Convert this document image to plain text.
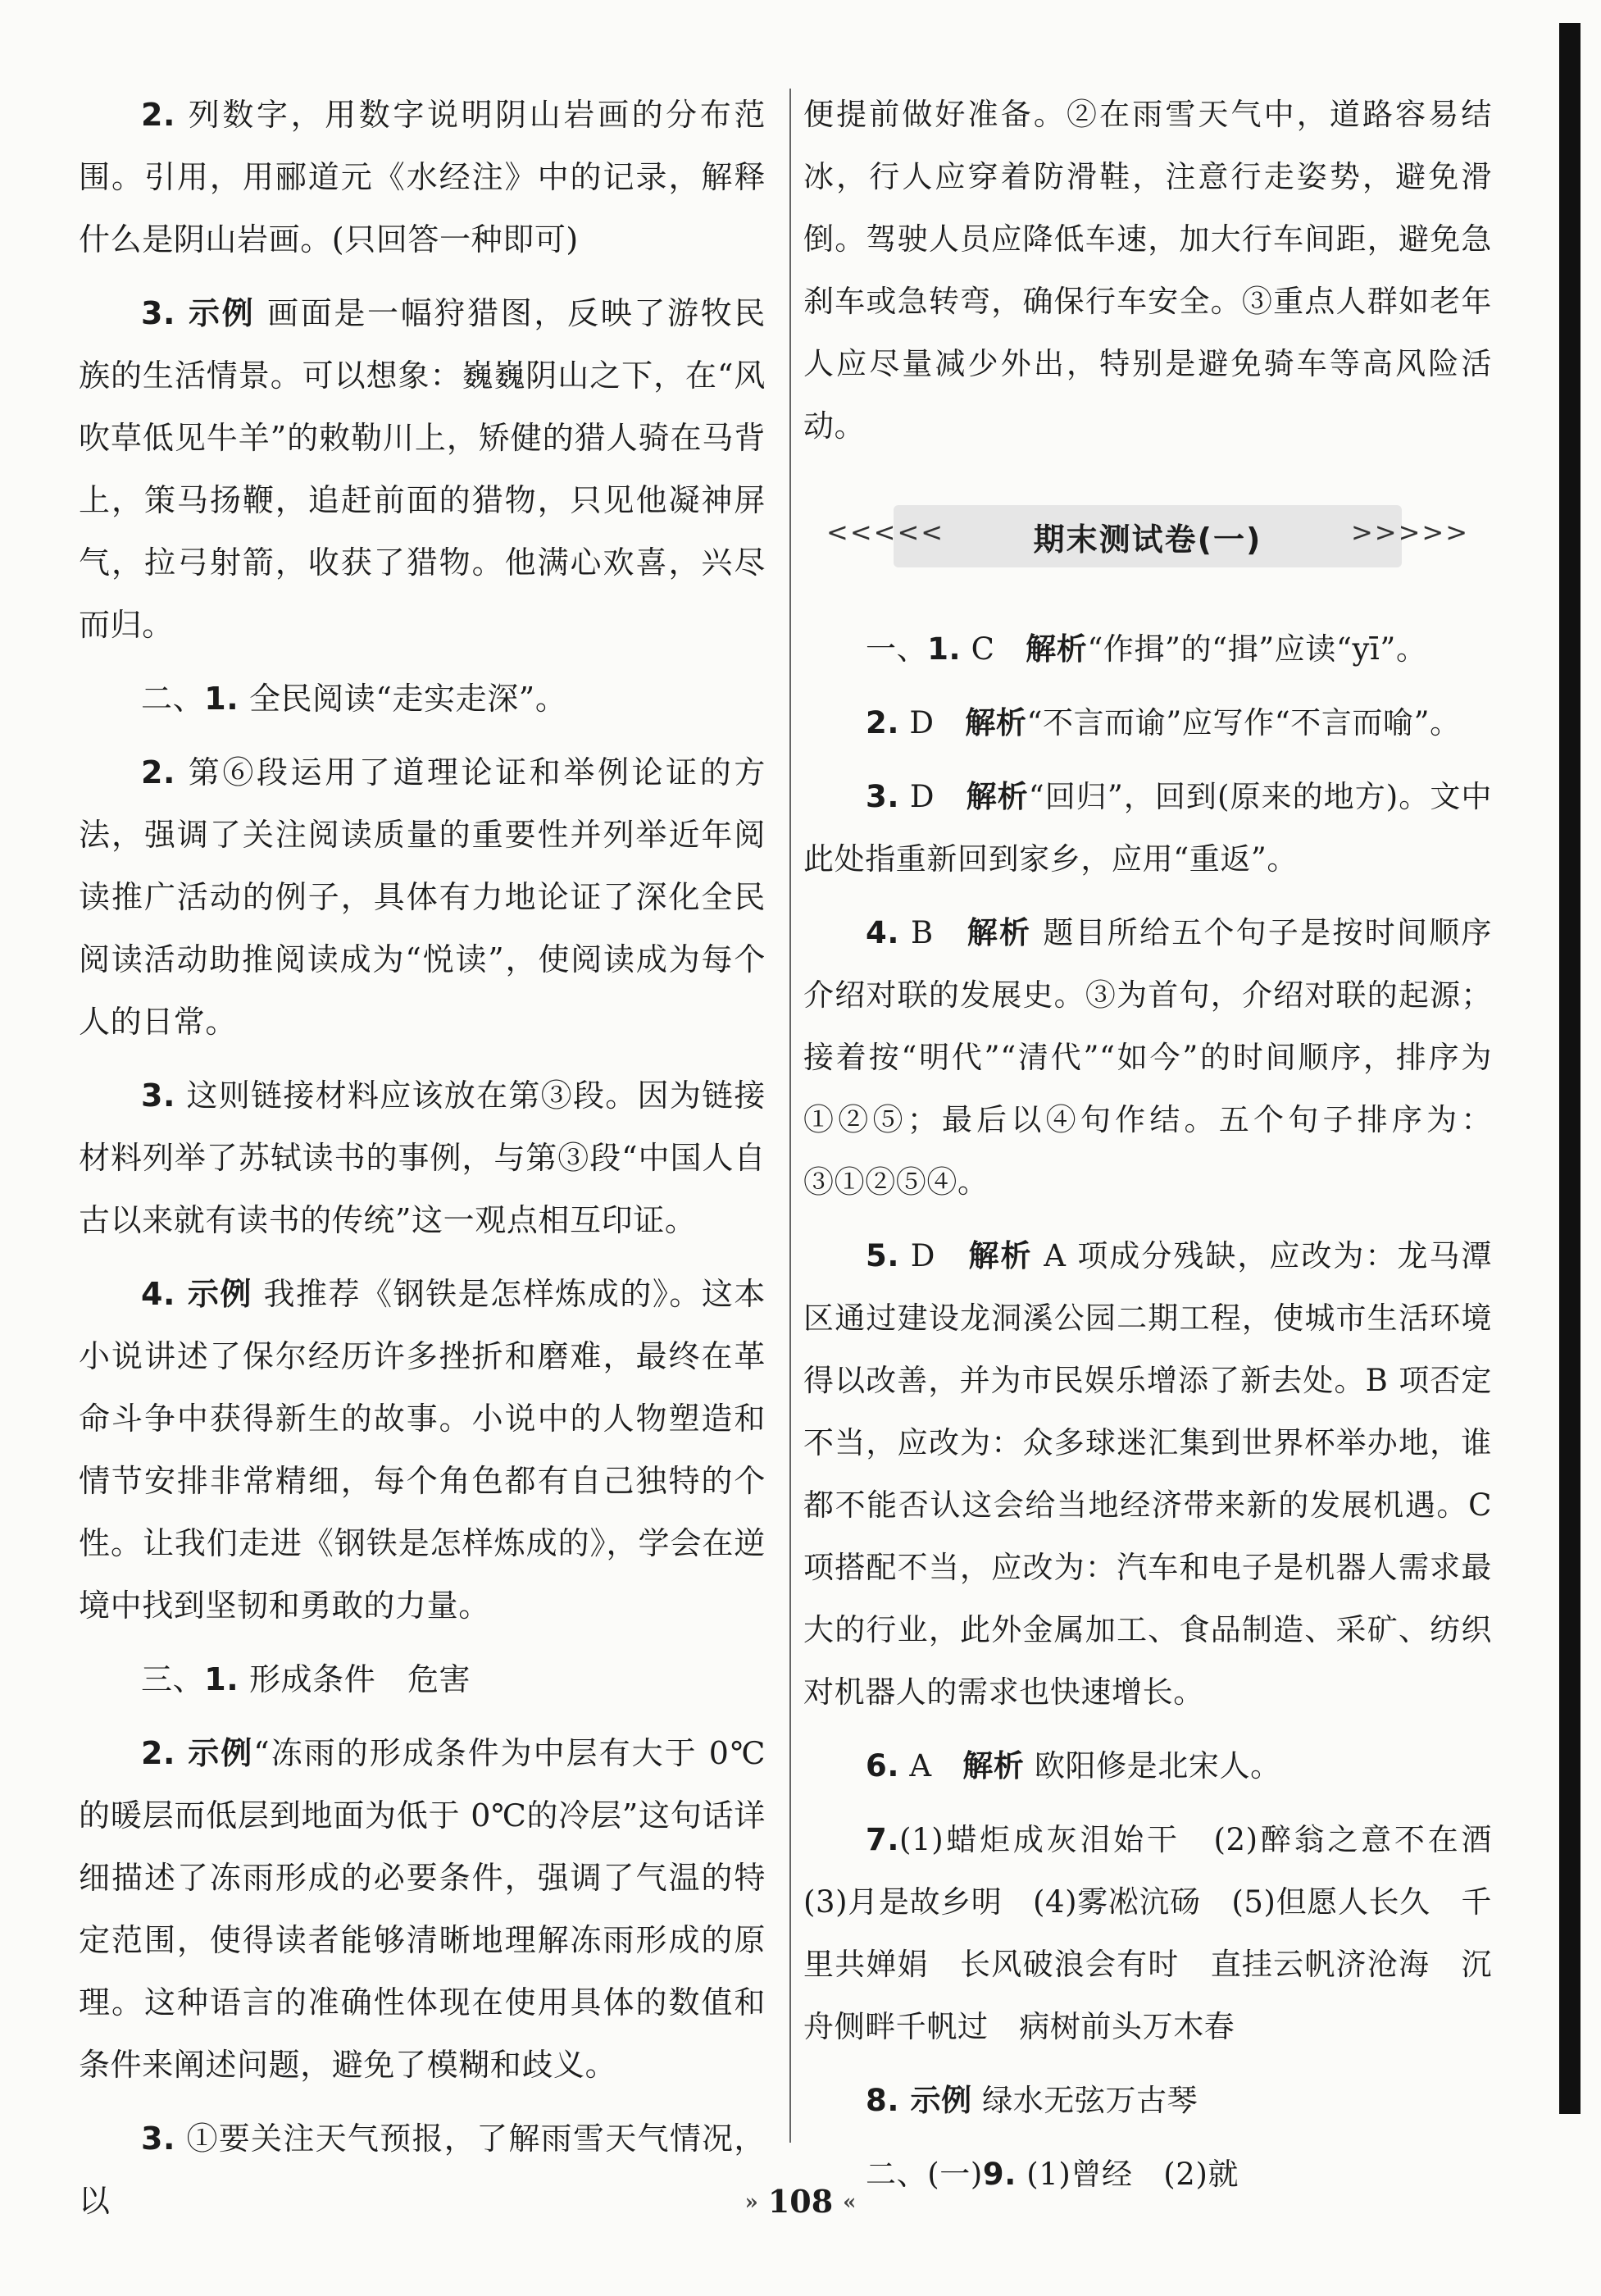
2. 列数字，用数字说明阴山岩画的分布范围。引用，用郦道元《水经注》中的记录，解释什么是阴山岩画。(只回答一种即可)

3. 示例 画面是一幅狩猎图，反映了游牧民族的生活情景。可以想象：巍巍阴山之下，在“风吹草低见牛羊”的敕勒川上，矫健的猎人骑在马背上，策马扬鞭，追赶前面的猎物，只见他凝神屏气，拉弓射箭，收获了猎物。他满心欢喜，兴尽而归。

二、1. 全民阅读“走实走深”。

2. 第⑥段运用了道理论证和举例论证的方法，强调了关注阅读质量的重要性并列举近年阅读推广活动的例子，具体有力地论证了深化全民阅读活动助推阅读成为“悦读”，使阅读成为每个人的日常。

3. 这则链接材料应该放在第③段。因为链接材料列举了苏轼读书的事例，与第③段“中国人自古以来就有读书的传统”这一观点相互印证。

4. 示例 我推荐《钢铁是怎样炼成的》。这本小说讲述了保尔经历许多挫折和磨难，最终在革命斗争中获得新生的故事。小说中的人物塑造和情节安排非常精细，每个角色都有自己独特的个性。让我们走进《钢铁是怎样炼成的》，学会在逆境中找到坚韧和勇敢的力量。

三、1. 形成条件　危害

2. 示例“冻雨的形成条件为中层有大于 0℃的暖层而低层到地面为低于 0℃的冷层”这句话详细描述了冻雨形成的必要条件，强调了气温的特定范围，使得读者能够清晰地理解冻雨形成的原理。这种语言的准确性体现在使用具体的数值和条件来阐述问题，避免了模糊和歧义。

3. ①要关注天气预报，了解雨雪天气情况，以

便提前做好准备。②在雨雪天气中，道路容易结冰，行人应穿着防滑鞋，注意行走姿势，避免滑倒。驾驶人员应降低车速，加大行车间距，避免急刹车或急转弯，确保行车安全。③重点人群如老年人应尽量减少外出，特别是避免骑车等高风险活动。

<<<<<	期末测试卷(一)	>>>>>

一、1. C　解析“作揖”的“揖”应读“yī”。

2. D　解析“不言而谕”应写作“不言而喻”。

3. D　解析“回归”，回到(原来的地方)。文中此处指重新回到家乡，应用“重返”。

4. B　解析 题目所给五个句子是按时间顺序介绍对联的发展史。③为首句，介绍对联的起源；接着按“明代”“清代”“如今”的时间顺序，排序为①②⑤；最后以④句作结。五个句子排序为：③①②⑤④。

5. D　解析 A 项成分残缺，应改为：龙马潭区通过建设龙洞溪公园二期工程，使城市生活环境得以改善，并为市民娱乐增添了新去处。B 项否定不当，应改为：众多球迷汇集到世界杯举办地，谁都不能否认这会给当地经济带来新的发展机遇。C 项搭配不当，应改为：汽车和电子是机器人需求最大的行业，此外金属加工、食品制造、采矿、纺织对机器人的需求也快速增长。

6. A　解析 欧阳修是北宋人。

7.(1)蜡炬成灰泪始干　(2)醉翁之意不在酒　(3)月是故乡明　(4)雾凇沆砀　(5)但愿人长久　千里共婵娟　长风破浪会有时　直挂云帆济沧海　沉舟侧畔千帆过　病树前头万木春

8. 示例 绿水无弦万古琴

二、(一)9. (1)曾经　(2)就

» 108 «
